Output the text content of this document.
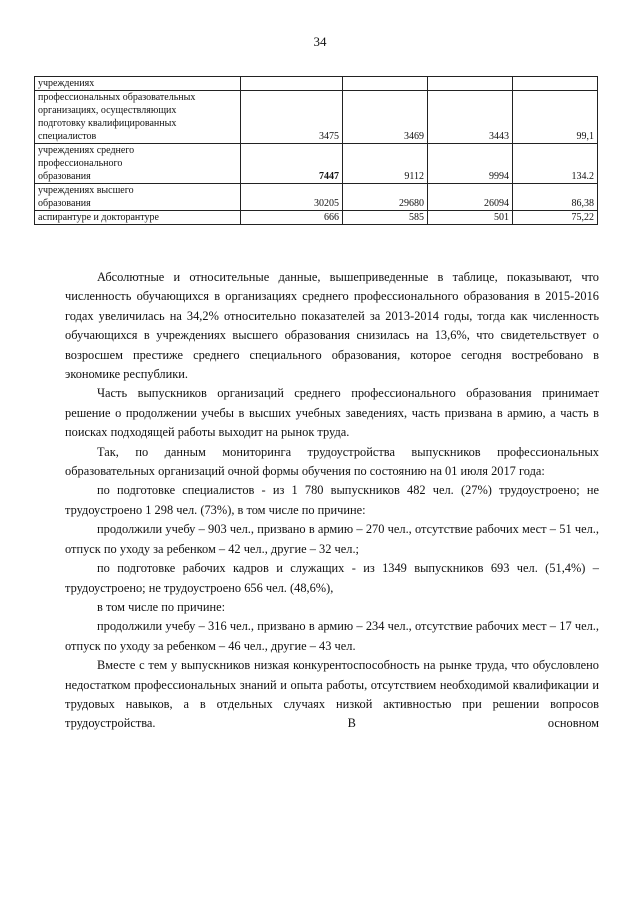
34
учреждениях				

профессиональных образовательных
организациях, осуществляющих
подготовку квалифицированных
специалистов	3475	3469	3443	99,1

учреждениях среднего
профессионального
образования	7447	9112	9994	134.2

учреждениях высшего
образования	30205	29680	26094	86,38

аспирантуре и докторантуре	666	585	501	75,22

Абсолютные и относительные данные, вышеприведенные в таблице, показывают, что численность обучающихся в организациях среднего профессионального образования в 2015-2016 годах увеличилась на 34,2% относительно показателей за 2013-2014 годы, тогда как численность обучающихся в учреждениях высшего образования снизилась на 13,6%, что свидетельствует о возросшем престиже среднего специального образования, которое сегодня востребовано в экономике республики.

Часть выпускников организаций среднего профессионального образования принимает решение о продолжении учебы в высших учебных заведениях, часть призвана в армию, а часть в поисках подходящей работы выходит на рынок труда.

Так, по данным мониторинга трудоустройства выпускников профессиональных образовательных организаций очной формы обучения по состоянию на 01 июля 2017 года:

по подготовке специалистов - из 1 780 выпускников 482 чел. (27%) трудоустроено; не трудоустроено 1 298 чел. (73%), в том числе по причине:

продолжили учебу – 903 чел., призвано в армию – 270 чел., отсутствие рабочих мест – 51 чел., отпуск по уходу за ребенком – 42 чел., другие – 32 чел.;

по подготовке рабочих кадров и служащих - из 1349 выпускников 693 чел. (51,4%) – трудоустроено; не трудоустроено 656 чел. (48,6%),

в том числе по причине:

продолжили учебу – 316 чел., призвано в армию – 234 чел., отсутствие рабочих мест – 17 чел., отпуск по уходу за ребенком – 46 чел., другие – 43 чел.

Вместе с тем у выпускников низкая конкурентоспособность на рынке труда, что обусловлено недостатком профессиональных знаний и опыта работы, отсутствием необходимой квалификации и трудовых навыков, а в отдельных случаях низкой активностью при решении вопросов трудоустройства. В основном
